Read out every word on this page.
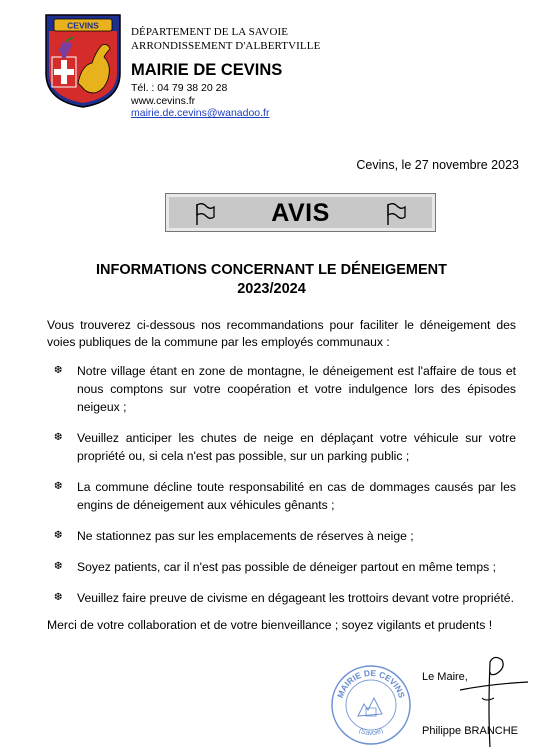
CEVINS
DÉPARTEMENT DE LA SAVOIE
ARRONDISSEMENT D'ALBERTVILLE
MAIRIE DE CEVINS
Tél. : 04 79 38 20 28
www.cevins.fr
mairie.de.cevins@wanadoo.fr
Cevins, le 27 novembre 2023
AVIS
INFORMATIONS CONCERNANT LE DÉNEIGEMENT
2023/2024
Vous trouverez ci-dessous nos recommandations pour faciliter le déneigement des voies publiques de la commune par les employés communaux :
❆ Notre village étant en zone de montagne, le déneigement est l'affaire de tous et nous comptons sur votre coopération et votre indulgence lors des épisodes neigeux ;
❆ Veuillez anticiper les chutes de neige en déplaçant votre véhicule sur votre propriété ou, si cela n'est pas possible, sur un parking public ;
❆ La commune décline toute responsabilité en cas de dommages causés par les engins de déneigement aux véhicules gênants ;
❆ Ne stationnez pas sur les emplacements de réserves à neige ;
❆ Soyez patients, car il n'est pas possible de déneiger partout en même temps ;
❆ Veuillez faire preuve de civisme en dégageant les trottoirs devant votre propriété.
Merci de votre collaboration et de votre bienveillance ; soyez vigilants et prudents !
MAIRIE DE CEVINS
(Savoie)
Le Maire,
Philippe BRANCHE
